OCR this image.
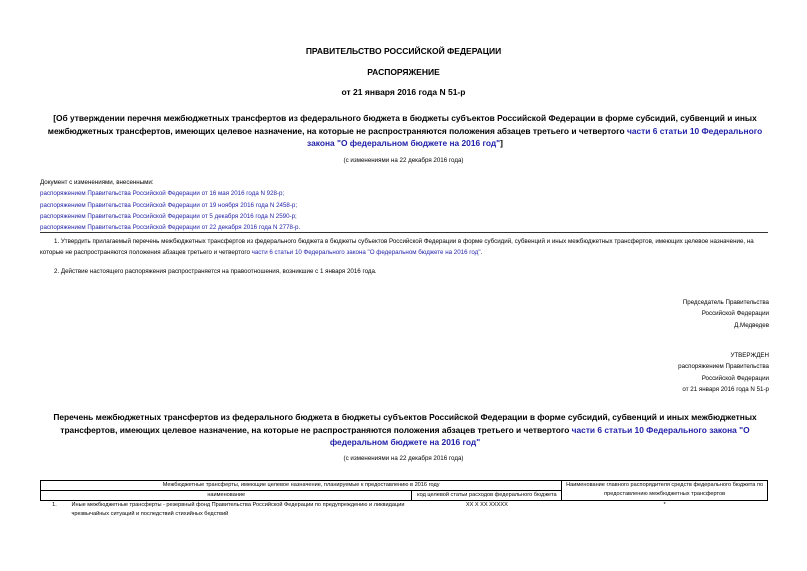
ПРАВИТЕЛЬСТВО РОССИЙСКОЙ ФЕДЕРАЦИИ
РАСПОРЯЖЕНИЕ
от 21 января 2016 года N 51-р
[Об утверждении перечня межбюджетных трансфертов из федерального бюджета в бюджеты субъектов Российской Федерации в форме субсидий, субвенций и иных межбюджетных трансфертов, имеющих целевое назначение, на которые не распространяются положения абзацев третьего и четвертого части 6 статьи 10 Федерального закона "О федеральном бюджете на 2016 год"]
(с изменениями на 22 декабря 2016 года)
Документ с изменениями, внесенными:
распоряжением Правительства Российской Федерации от 16 мая 2016 года N 928-р;
распоряжением Правительства Российской Федерации от 19 ноября 2016 года N 2458-р;
распоряжением Правительства Российской Федерации от 5 декабря 2016 года N 2590-р;
распоряжением Правительства Российской Федерации от 22 декабря 2016 года N 2778-р.
1. Утвердить прилагаемый перечень межбюджетных трансфертов из федерального бюджета в бюджеты субъектов Российской Федерации в форме субсидий, субвенций и иных межбюджетных трансфертов, имеющих целевое назначение, на которые не распространяются положения абзацев третьего и четвертого части 6 статьи 10 Федерального закона "О федеральном бюджете на 2016 год".
2. Действие настоящего распоряжения распространяется на правоотношения, возникшие с 1 января 2016 года.
Председатель Правительства
Российской Федерации
Д.Медведев
УТВЕРЖДЕН
распоряжением Правительства
Российской Федерации
от 21 января 2016 года N 51-р
Перечень межбюджетных трансфертов из федерального бюджета в бюджеты субъектов Российской Федерации в форме субсидий, субвенций и иных межбюджетных трансфертов, имеющих целевое назначение, на которые не распространяются положения абзацев третьего и четвертого части 6 статьи 10 Федерального закона "О федеральном бюджете на 2016 год"
(с изменениями на 22 декабря 2016 года)
Межбюджетные трансферты, имеющие целевое назначение, планируемые к предоставлению в 2016 году			Наименование главного распорядителя средств федерального бюджета по предоставлению межбюджетных трансфертов
наименование		код целевой статьи расходов федерального бюджета	
1.	Иные межбюджетные трансферты - резервный фонд Правительства Российской Федерации по предупреждению и ликвидации чрезвычайных ситуаций и последствий стихийных бедствий	XX X XX XXXXX	*
